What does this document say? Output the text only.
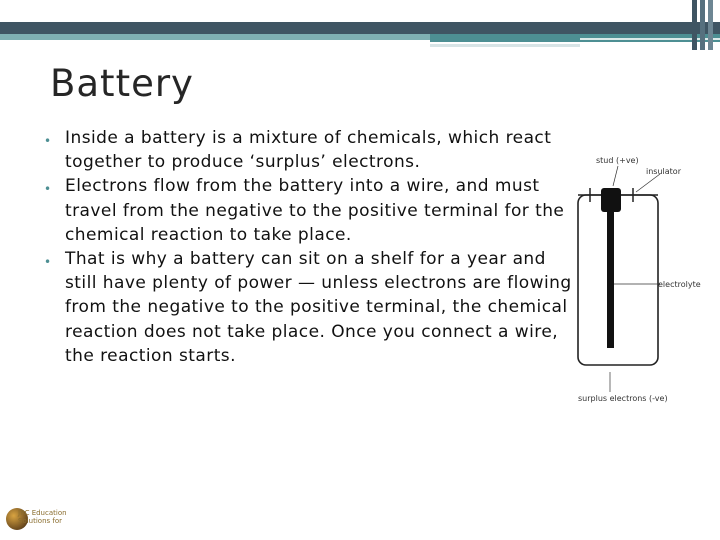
Battery
• Inside a battery is a mixture of chemicals, which react together to produce ‘surplus’ electrons.
• Electrons flow from the battery into a wire, and must travel from the negative to the positive terminal for the chemical reaction to take place.
• That is why a battery can sit on a shelf for a year and still have plenty of power — unless electrons are flowing from the negative to the positive terminal, the chemical reaction does not take place. Once you connect a wire, the reaction starts.
stud (+ve)
insulator
electrolyte
surplus electrons (-ve)
JRC Education
Solutions for
